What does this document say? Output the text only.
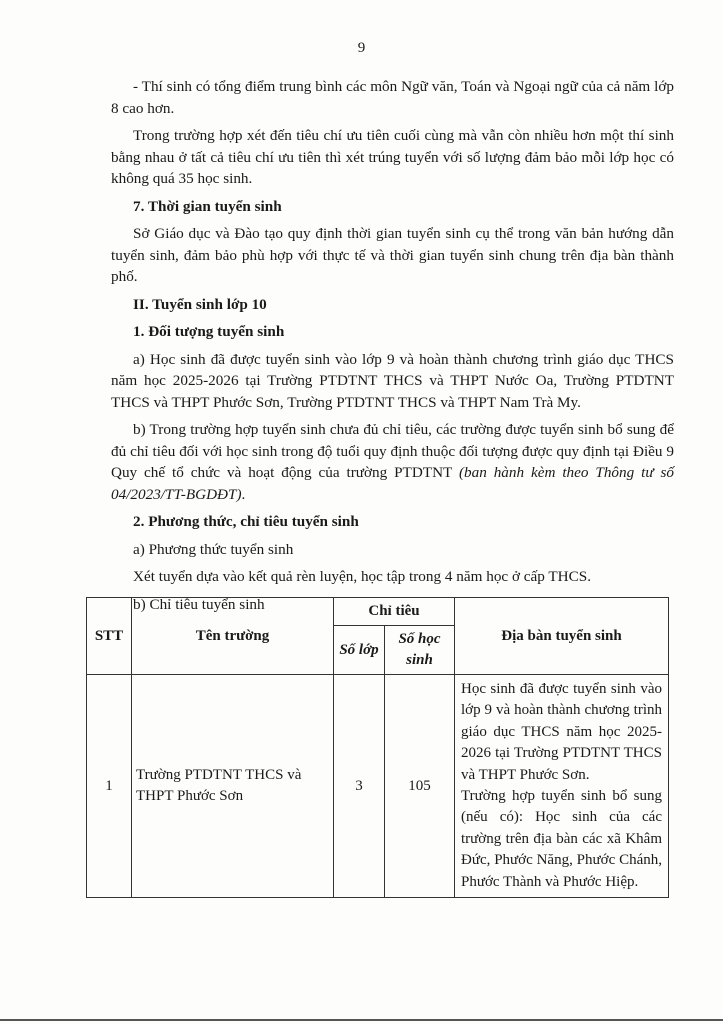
9

- Thí sinh có tổng điểm trung bình các môn Ngữ văn, Toán và Ngoại ngữ của cả năm lớp 8 cao hơn.

Trong trường hợp xét đến tiêu chí ưu tiên cuối cùng mà vẫn còn nhiều hơn một thí sinh bằng nhau ở tất cả tiêu chí ưu tiên thì xét trúng tuyển với số lượng đảm bảo mỗi lớp học có không quá 35 học sinh.

7. Thời gian tuyển sinh

Sở Giáo dục và Đào tạo quy định thời gian tuyển sinh cụ thể trong văn bản hướng dẫn tuyển sinh, đảm bảo phù hợp với thực tế và thời gian tuyển sinh chung trên địa bàn thành phố.

II. Tuyển sinh lớp 10

1. Đối tượng tuyển sinh

a) Học sinh đã được tuyển sinh vào lớp 9 và hoàn thành chương trình giáo dục THCS năm học 2025-2026 tại Trường PTDTNT THCS và THPT Nước Oa, Trường PTDTNT THCS và THPT Phước Sơn, Trường PTDTNT THCS và THPT Nam Trà My.

b) Trong trường hợp tuyển sinh chưa đủ chỉ tiêu, các trường được tuyển sinh bổ sung để đủ chỉ tiêu đối với học sinh trong độ tuổi quy định thuộc đối tượng được quy định tại Điều 9 Quy chế tổ chức và hoạt động của trường PTDTNT (ban hành kèm theo Thông tư số 04/2023/TT-BGDĐT).

2. Phương thức, chỉ tiêu tuyển sinh

a) Phương thức tuyển sinh

Xét tuyển dựa vào kết quả rèn luyện, học tập trong 4 năm học ở cấp THCS.

b) Chỉ tiêu tuyển sinh

STT	Tên trường	Chỉ tiêu		Địa bàn tuyển sinh
		Số lớp	Số học sinh	
1	Trường PTDTNT THCS và THPT Phước Sơn	3	105	Học sinh đã được tuyển sinh vào lớp 9 và hoàn thành chương trình giáo dục THCS năm học 2025-2026 tại Trường PTDTNT THCS và THPT Phước Sơn.
Trường hợp tuyển sinh bổ sung (nếu có): Học sinh của các trường trên địa bàn các xã Khâm Đức, Phước Năng, Phước Chánh, Phước Thành và Phước Hiệp.
